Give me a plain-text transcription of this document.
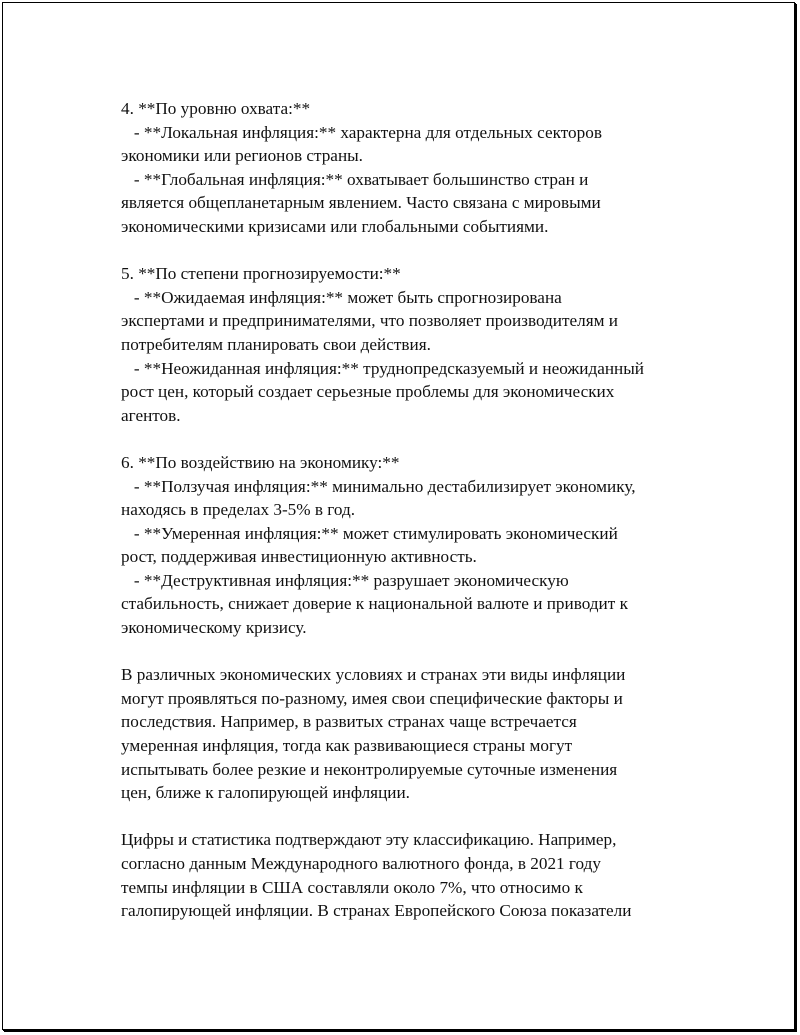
4. **По уровню охвата:**
- **Локальная инфляция:** характерна для отдельных секторов
экономики или регионов страны.
- **Глобальная инфляция:** охватывает большинство стран и
является общепланетарным явлением. Часто связана с мировыми
экономическими кризисами или глобальными событиями.
5. **По степени прогнозируемости:**
- **Ожидаемая инфляция:** может быть спрогнозирована
экспертами и предпринимателями, что позволяет производителям и
потребителям планировать свои действия.
- **Неожиданная инфляция:** труднопредсказуемый и неожиданный
рост цен, который создает серьезные проблемы для экономических
агентов.
6. **По воздействию на экономику:**
- **Ползучая инфляция:** минимально дестабилизирует экономику,
находясь в пределах 3-5% в год.
- **Умеренная инфляция:** может стимулировать экономический
рост, поддерживая инвестиционную активность.
- **Деструктивная инфляция:** разрушает экономическую
стабильность, снижает доверие к национальной валюте и приводит к
экономическому кризису.
В различных экономических условиях и странах эти виды инфляции
могут проявляться по-разному, имея свои специфические факторы и
последствия. Например, в развитых странах чаще встречается
умеренная инфляция, тогда как развивающиеся страны могут
испытывать более резкие и неконтролируемые суточные изменения
цен, ближе к галопирующей инфляции.
Цифры и статистика подтверждают эту классификацию. Например,
согласно данным Международного валютного фонда, в 2021 году
темпы инфляции в США составляли около 7%, что относимо к
галопирующей инфляции. В странах Европейского Союза показатели
